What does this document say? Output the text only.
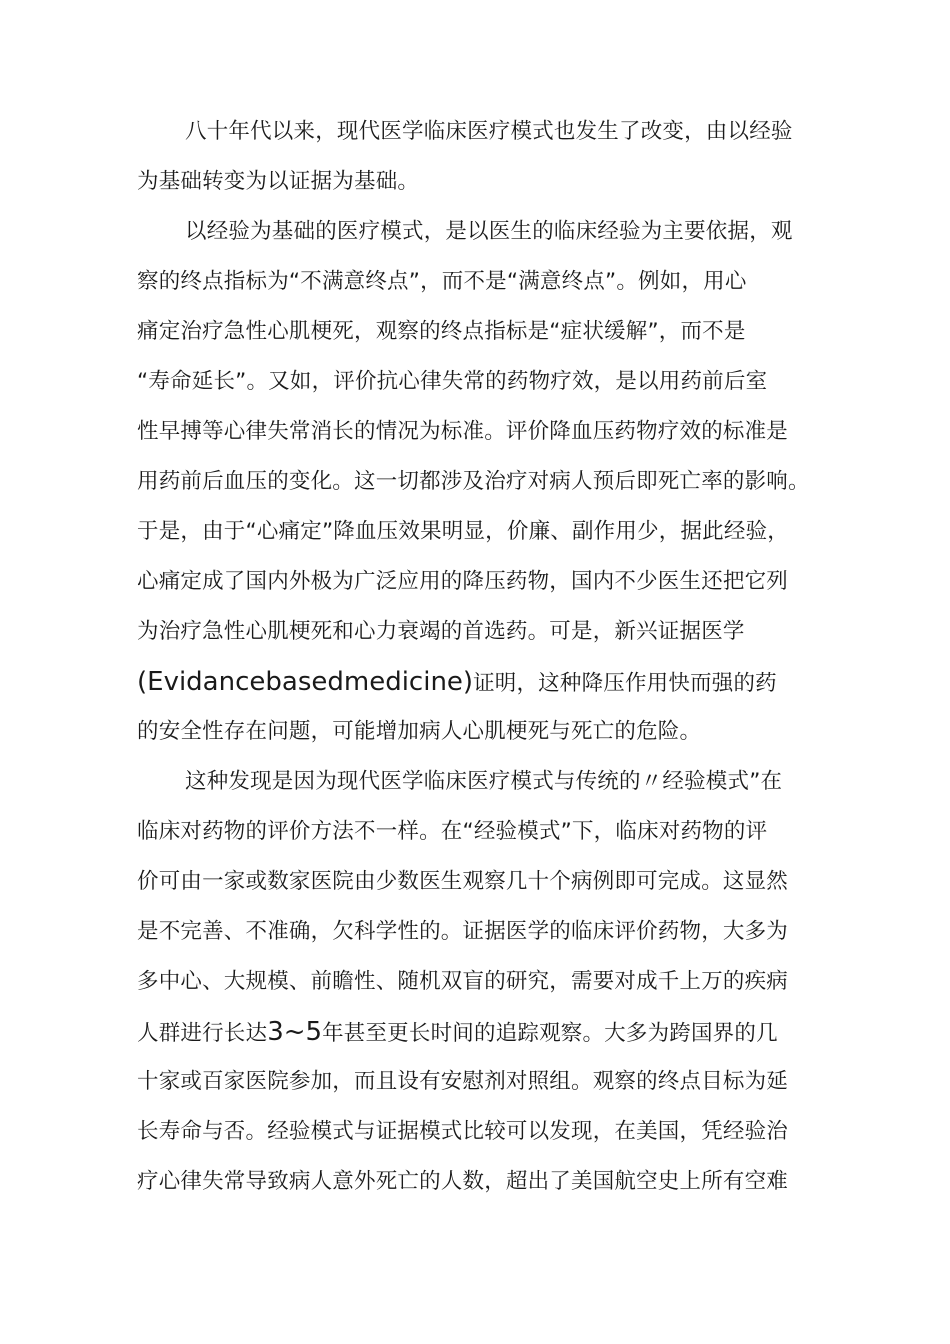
八十年代以来，现代医学临床医疗模式也发生了改变，由以经验
为基础转变为以证据为基础。
以经验为基础的医疗模式，是以医生的临床经验为主要依据，观
察的终点指标为“不满意终点”，而不是“满意终点”。例如，用心
痛定治疗急性心肌梗死，观察的终点指标是“症状缓解”，而不是
“寿命延长”。又如，评价抗心律失常的药物疗效，是以用药前后室
性早搏等心律失常消长的情况为标准。评价降血压药物疗效的标准是
用药前后血压的变化。这一切都涉及治疗对病人预后即死亡率的影响。
于是，由于“心痛定”降血压效果明显，价廉、副作用少，据此经验，
心痛定成了国内外极为广泛应用的降压药物，国内不少医生还把它列
为治疗急性心肌梗死和心力衰竭的首选药。可是，新兴证据医学
(Evidancebasedmedicine)证明，这种降压作用快而强的药
的安全性存在问题，可能增加病人心肌梗死与死亡的危险。
这种发现是因为现代医学临床医疗模式与传统的〃经验模式”在
临床对药物的评价方法不一样。在“经验模式”下，临床对药物的评
价可由一家或数家医院由少数医生观察几十个病例即可完成。这显然
是不完善、不准确，欠科学性的。证据医学的临床评价药物，大多为
多中心、大规模、前瞻性、随机双盲的研究，需要对成千上万的疾病
人群进行长达3~5年甚至更长时间的追踪观察。大多为跨国界的几
十家或百家医院参加，而且设有安慰剂对照组。观察的终点目标为延
长寿命与否。经验模式与证据模式比较可以发现，在美国，凭经验治
疗心律失常导致病人意外死亡的人数，超出了美国航空史上所有空难
